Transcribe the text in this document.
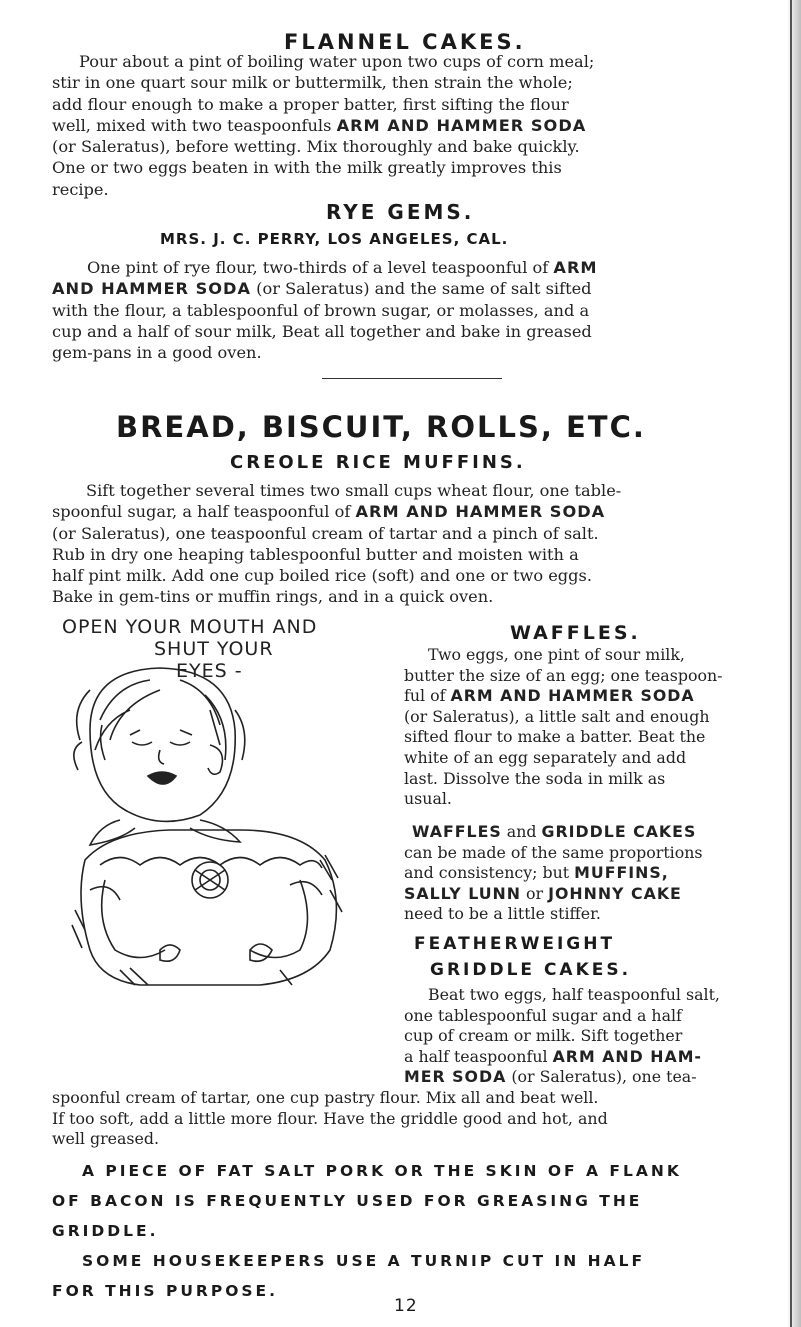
FLANNEL CAKES.
Pour about a pint of boiling water upon two cups of corn meal;
stir in one quart sour milk or buttermilk, then strain the whole;
add flour enough to make a proper batter, first sifting the flour
well, mixed with two teaspoonfuls ARM AND HAMMER SODA
(or Saleratus), before wetting. Mix thoroughly and bake quickly.
One or two eggs beaten in with the milk greatly improves this
recipe.
RYE GEMS.
MRS. J. C. PERRY, LOS ANGELES, CAL.
One pint of rye flour, two-thirds of a level teaspoonful of ARM
AND HAMMER SODA (or Saleratus) and the same of salt sifted
with the flour, a tablespoonful of brown sugar, or molasses, and a
cup and a half of sour milk, Beat all together and bake in greased
gem-pans in a good oven.
BREAD, BISCUIT, ROLLS, ETC.
CREOLE RICE MUFFINS.
Sift together several times two small cups wheat flour, one table-
spoonful sugar, a half teaspoonful of ARM AND HAMMER SODA
(or Saleratus), one teaspoonful cream of tartar and a pinch of salt.
Rub in dry one heaping tablespoonful butter and moisten with a
half pint milk. Add one cup boiled rice (soft) and one or two eggs.
Bake in gem-tins or muffin rings, and in a quick oven.
OPEN YOUR MOUTH AND
SHUT YOUR
EYES -
WAFFLES.
Two eggs, one pint of sour milk,
butter the size of an egg; one teaspoon-
ful of ARM AND HAMMER SODA
(or Saleratus), a little salt and enough
sifted flour to make a batter. Beat the
white of an egg separately and add
last. Dissolve the soda in milk as
usual.
WAFFLES and GRIDDLE CAKES
can be made of the same proportions
and consistency; but MUFFINS,
SALLY LUNN or JOHNNY CAKE
need to be a little stiffer.
FEATHERWEIGHT
GRIDDLE CAKES.
Beat two eggs, half teaspoonful salt,
one tablespoonful sugar and a half
cup of cream or milk. Sift together
a half teaspoonful ARM AND HAM-
MER SODA (or Saleratus), one tea-
spoonful cream of tartar, one cup pastry flour. Mix all and beat well.
If too soft, add a little more flour. Have the griddle good and hot, and
well greased.
A PIECE OF FAT SALT PORK OR THE SKIN OF A FLANK
OF BACON IS FREQUENTLY USED FOR GREASING THE
GRIDDLE.
SOME HOUSEKEEPERS USE A TURNIP CUT IN HALF
FOR THIS PURPOSE.
12
